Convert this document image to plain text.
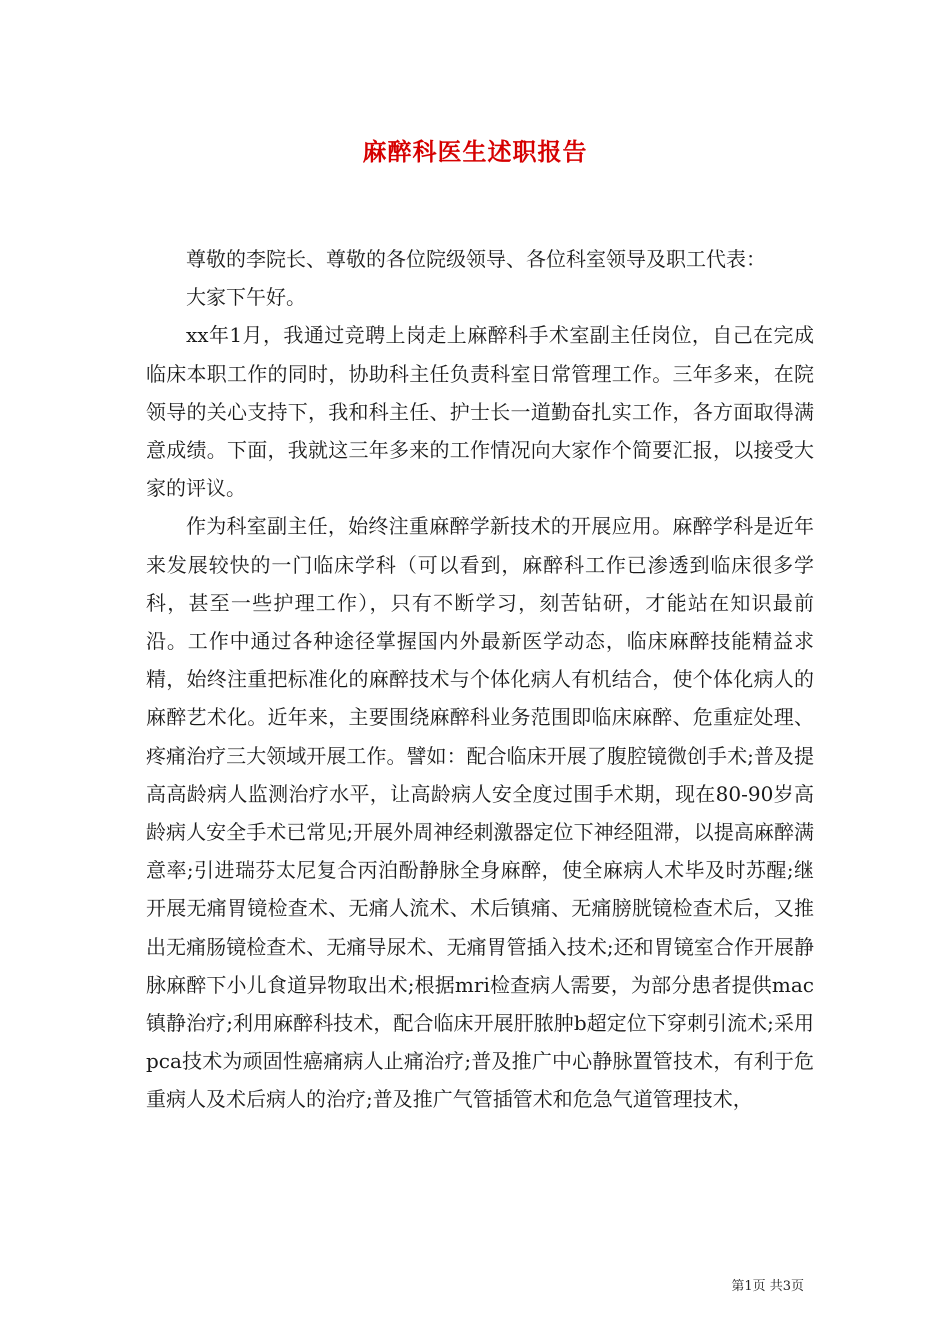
麻醉科医生述职报告

尊敬的李院长、尊敬的各位院级领导、各位科室领导及职工代表：

大家下午好。

xx年1月，我通过竞聘上岗走上麻醉科手术室副主任岗位，自己在完成临床本职工作的同时，协助科主任负责科室日常管理工作。三年多来，在院领导的关心支持下，我和科主任、护士长一道勤奋扎实工作，各方面取得满意成绩。下面，我就这三年多来的工作情况向大家作个简要汇报，以接受大家的评议。

作为科室副主任，始终注重麻醉学新技术的开展应用。麻醉学科是近年来发展较快的一门临床学科（可以看到，麻醉科工作已渗透到临床很多学科，甚至一些护理工作），只有不断学习，刻苦钻研，才能站在知识最前沿。工作中通过各种途径掌握国内外最新医学动态，临床麻醉技能精益求精，始终注重把标准化的麻醉技术与个体化病人有机结合，使个体化病人的麻醉艺术化。近年来，主要围绕麻醉科业务范围即临床麻醉、危重症处理、疼痛治疗三大领域开展工作。譬如：配合临床开展了腹腔镜微创手术;普及提高高龄病人监测治疗水平，让高龄病人安全度过围手术期，现在80-90岁高龄病人安全手术已常见;开展外周神经刺激器定位下神经阻滞，以提高麻醉满意率;引进瑞芬太尼复合丙泊酚静脉全身麻醉，使全麻病人术毕及时苏醒;继开展无痛胃镜检查术、无痛人流术、术后镇痛、无痛膀胱镜检查术后，又推出无痛肠镜检查术、无痛导尿术、无痛胃管插入技术;还和胃镜室合作开展静脉麻醉下小儿食道异物取出术;根据mri检查病人需要，为部分患者提供mac镇静治疗;利用麻醉科技术，配合临床开展肝脓肿b超定位下穿刺引流术;采用pca技术为顽固性癌痛病人止痛治疗;普及推广中心静脉置管技术，有利于危重病人及术后病人的治疗;普及推广气管插管术和危急气道管理技术，

第1页 共3页
